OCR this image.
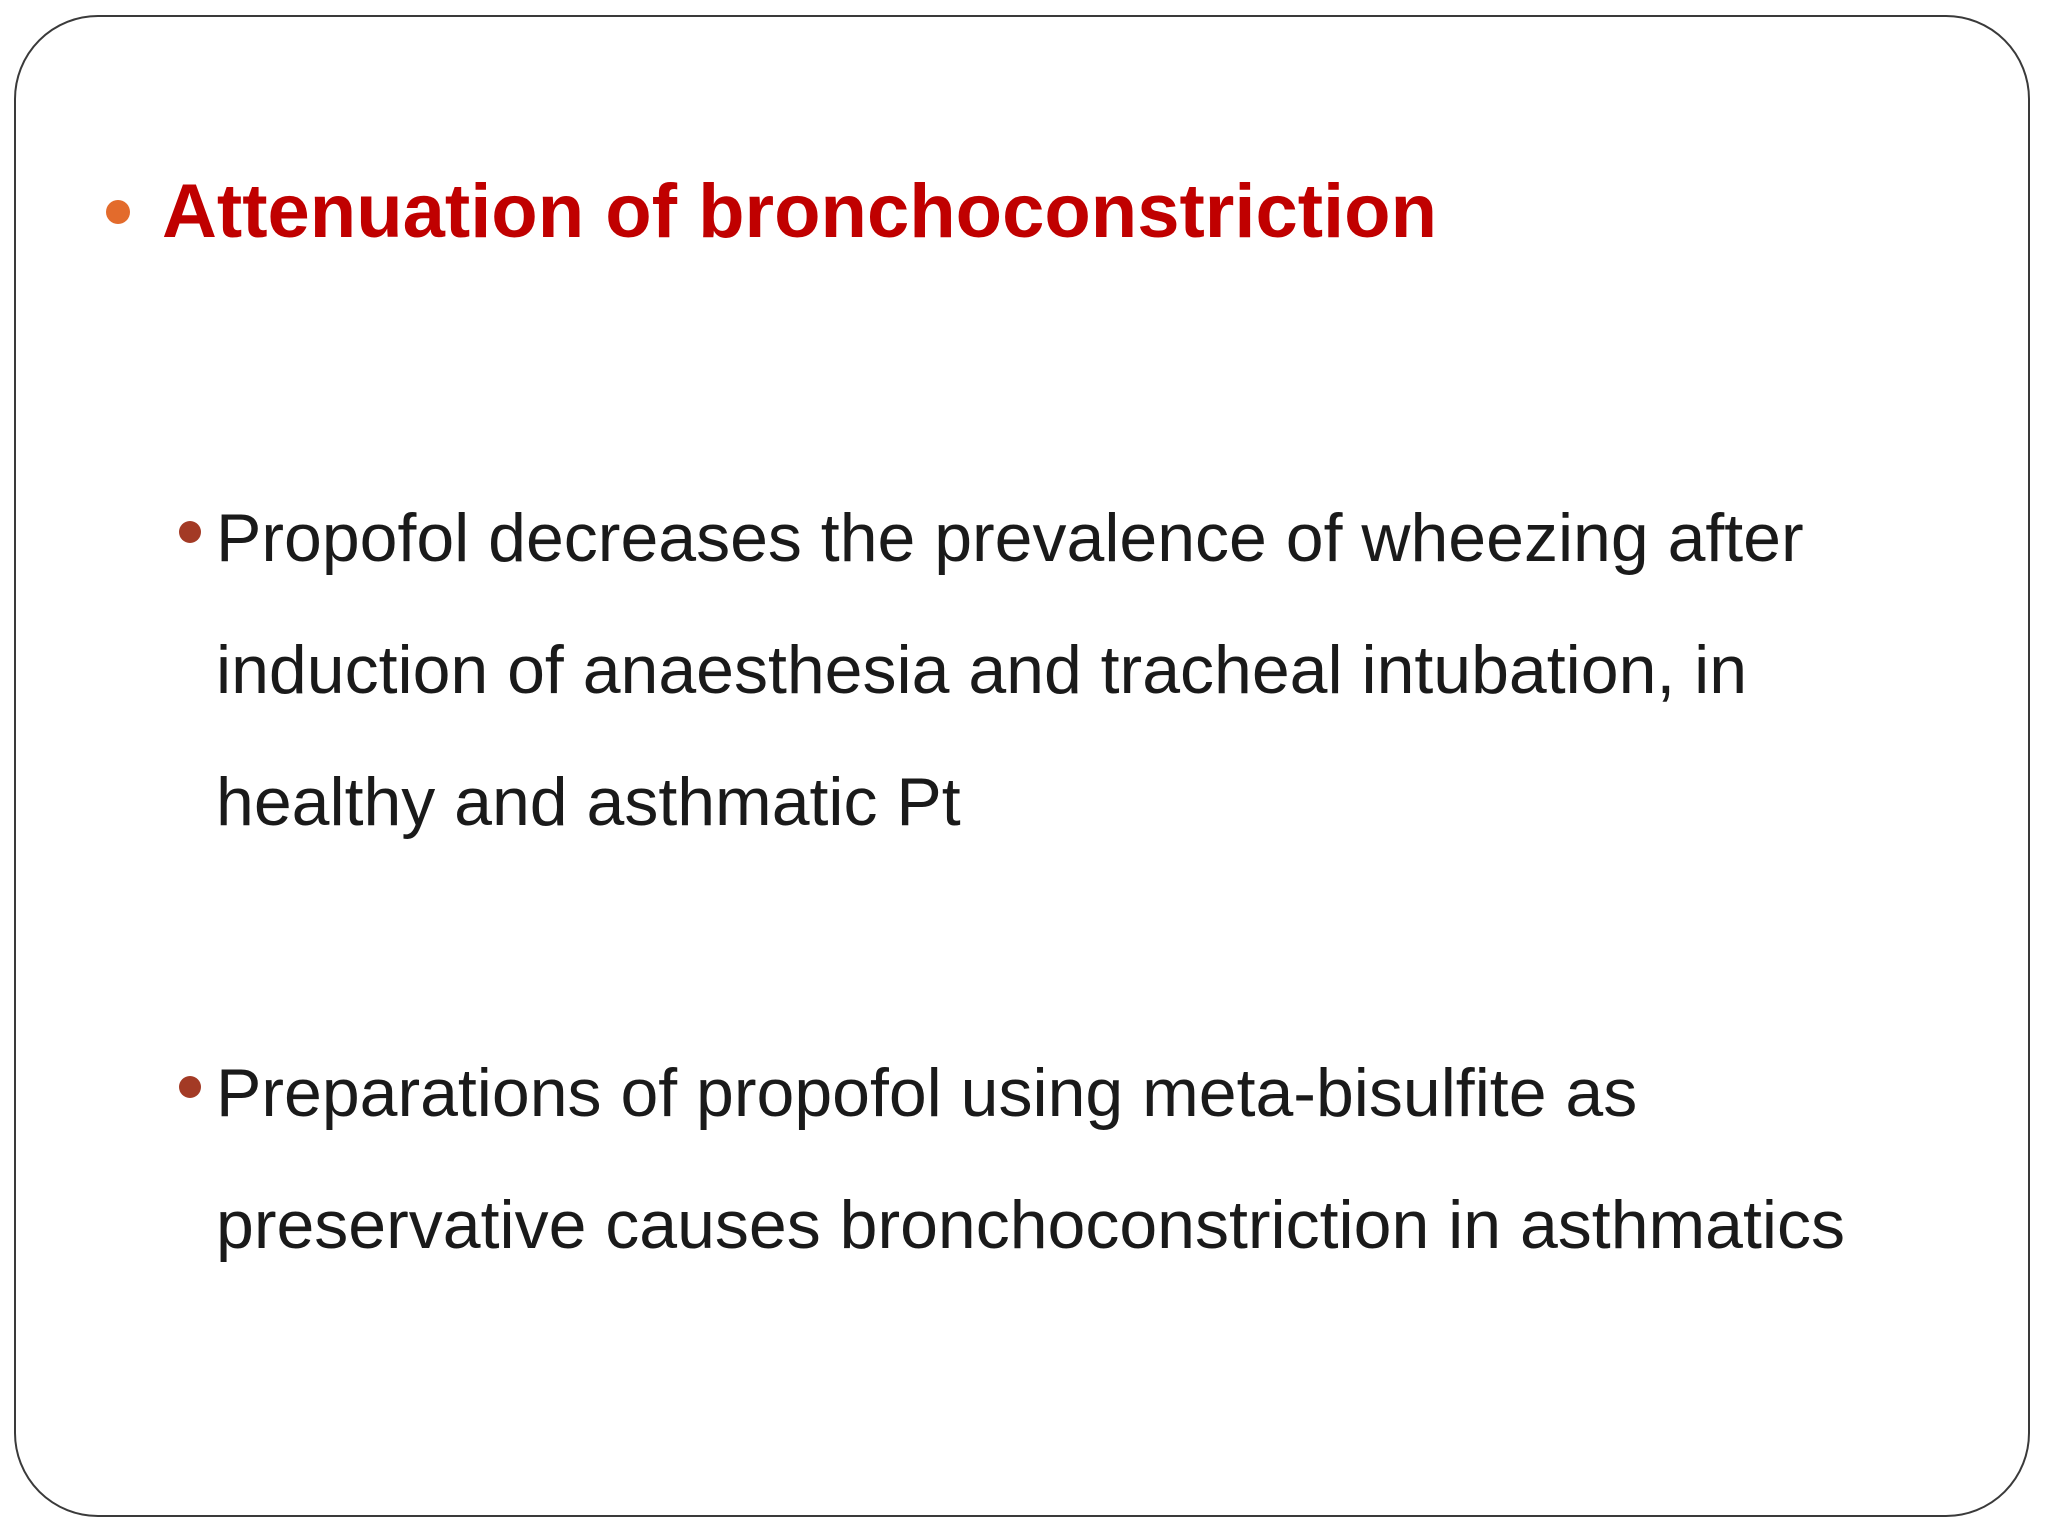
Attenuation of bronchoconstriction
Propofol decreases the prevalence of wheezing after induction of anaesthesia and tracheal intubation, in healthy and asthmatic Pt
Preparations of propofol using meta-bisulfite as preservative causes bronchoconstriction in asthmatics
